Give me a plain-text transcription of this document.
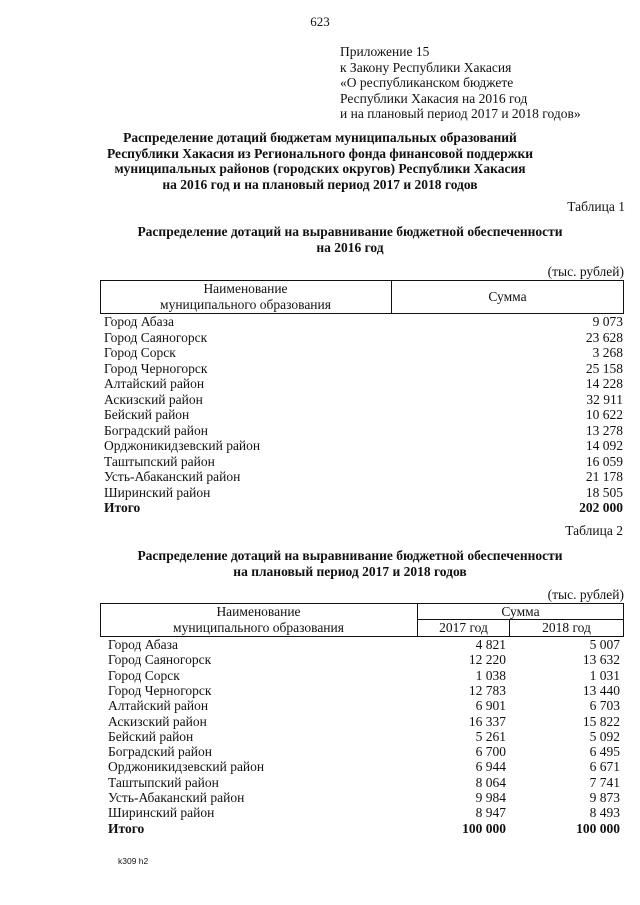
623
Приложение 15
к Закону Республики Хакасия
«О республиканском бюджете
Республики Хакасия на 2016 год
и на плановый период 2017 и 2018 годов»
Распределение дотаций бюджетам муниципальных образований
Республики Хакасия из Регионального фонда финансовой поддержки
муниципальных районов (городских округов) Республики Хакасия
на 2016 год и на плановый период 2017 и 2018 годов
Таблица 1
Распределение дотаций на выравнивание бюджетной обеспеченности
на 2016 год
(тыс. рублей)
Наименование
муниципального образования	Сумма
Город Абаза	9 073
Город Саяногорск	23 628
Город Сорск	3 268
Город Черногорск	25 158
Алтайский район	14 228
Аскизский район	32 911
Бейский район	10 622
Боградский район	13 278
Орджоникидзевский район	14 092
Таштыпский район	16 059
Усть-Абаканский район	21 178
Ширинский район	18 505
Итого	202 000
Таблица 2
Распределение дотаций на выравнивание бюджетной обеспеченности
на плановый период 2017 и 2018 годов
(тыс. рублей)
Наименование
муниципального образования
Сумма
2017 год	2018 год
Город Абаза	4 821	5 007
Город Саяногорск	12 220	13 632
Город Сорск	1 038	1 031
Город Черногорск	12 783	13 440
Алтайский район	6 901	6 703
Аскизский район	16 337	15 822
Бейский район	5 261	5 092
Боградский район	6 700	6 495
Орджоникидзевский район	6 944	6 671
Таштыпский район	8 064	7 741
Усть-Абаканский район	9 984	9 873
Ширинский район	8 947	8 493
Итого	100 000	100 000
k309 h2
